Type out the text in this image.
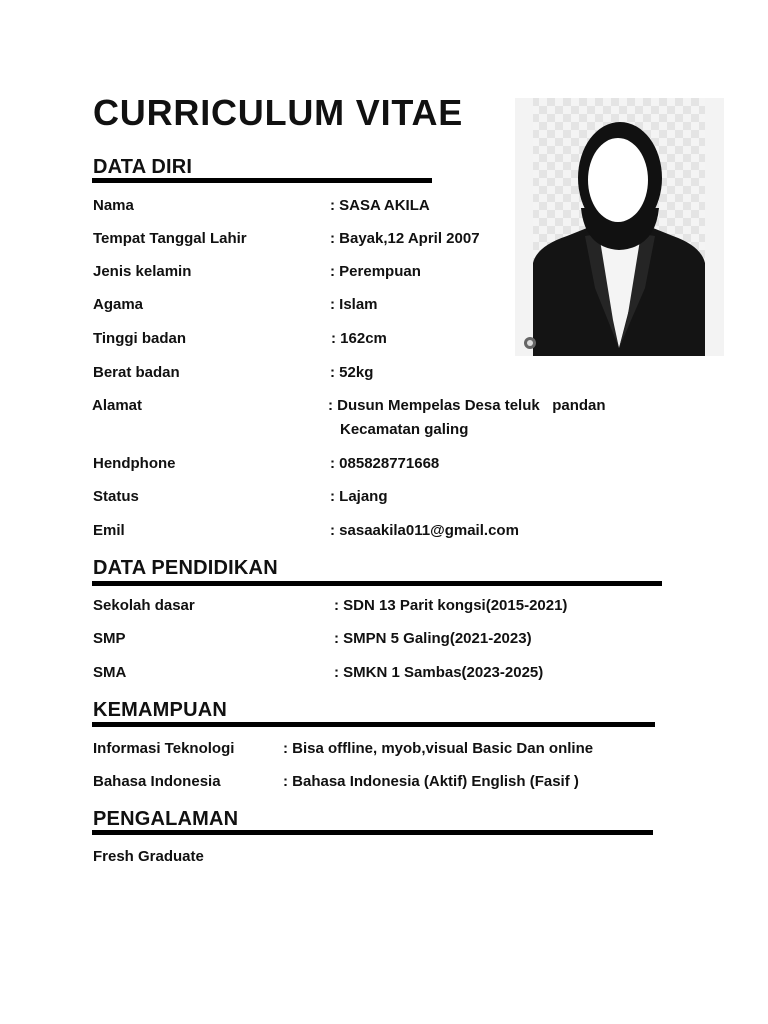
CURRICULUM VITAE
DATA DIRI
Nama	: SASA AKILA
Tempat Tanggal Lahir	: Bayak,12 April 2007
Jenis kelamin	: Perempuan
Agama	: Islam
Tinggi badan	: 162cm
Berat badan	: 52kg
Alamat	: Dusun Mempelas Desa teluk   pandan
Kecamatan galing
Hendphone	: 085828771668
Status	: Lajang
Emil	: sasaakila011@gmail.com
DATA PENDIDIKAN
Sekolah dasar	: SDN 13 Parit kongsi(2015-2021)
SMP	: SMPN 5 Galing(2021-2023)
SMA	: SMKN 1 Sambas(2023-2025)
KEMAMPUAN
Informasi Teknologi	: Bisa offline, myob,visual Basic Dan online
Bahasa Indonesia	: Bahasa Indonesia (Aktif) English (Fasif )
PENGALAMAN
Fresh Graduate
